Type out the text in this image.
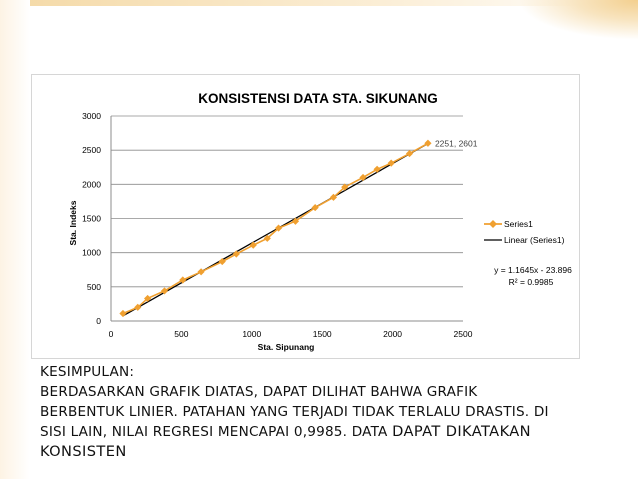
0
500
1000
1500
2000
2500
3000
0	500	1000	1500	2000	2500
KONSISTENSI DATA STA. SIKUNANG
Sta. Sipunang
Sta. Indeks
2251, 2601
Series1
Linear (Series1)
y = 1.1645x - 23.896
R² = 0.9985
KESIMPULAN:
BERDASARKAN GRAFIK DIATAS, DAPAT DILIHAT BAHWA GRAFIK
BERBENTUK LINIER. PATAHAN YANG TERJADI TIDAK TERLALU DRASTIS. DI
SISI LAIN, NILAI REGRESI MENCAPAI 0,9985. DATA DAPAT DIKATAKAN
KONSISTEN
